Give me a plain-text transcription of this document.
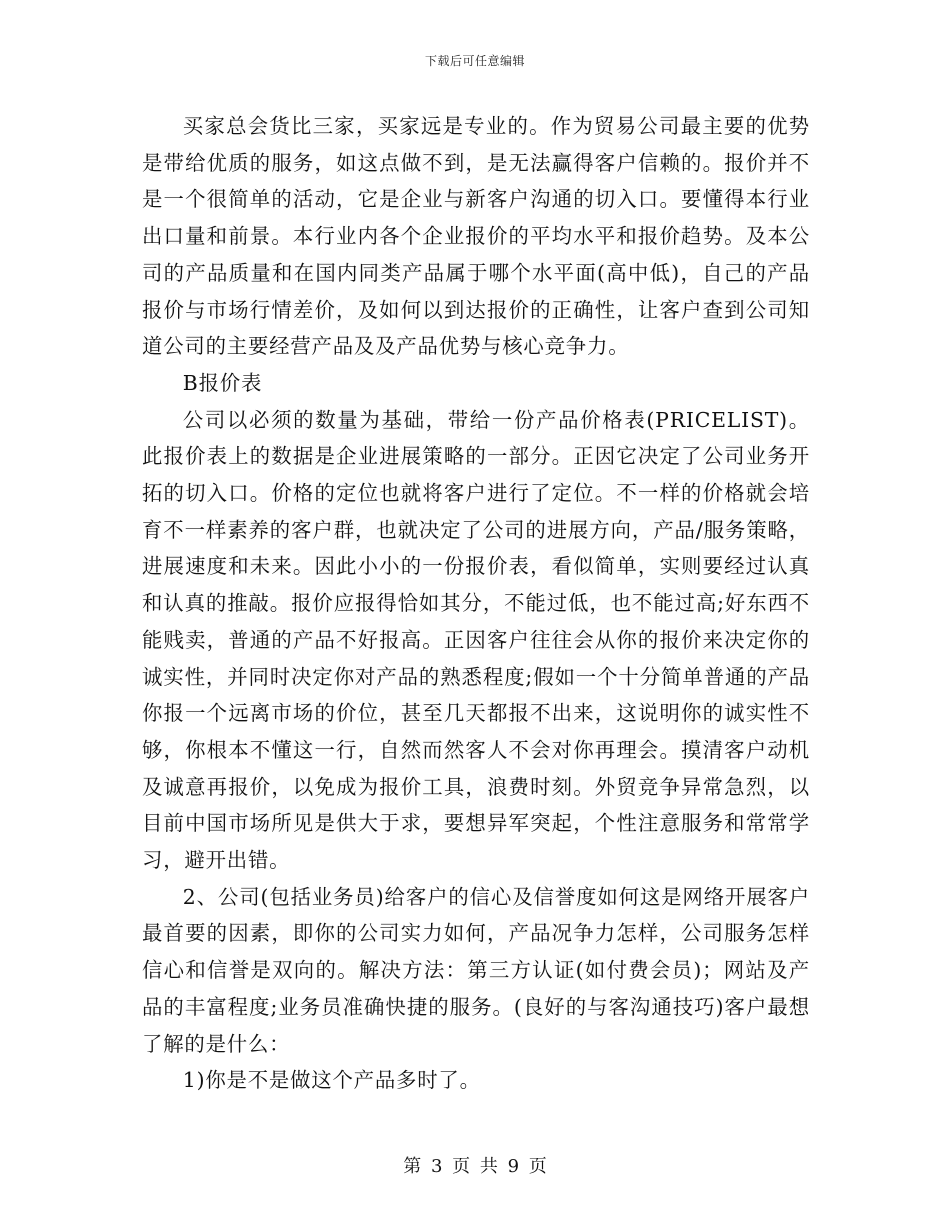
下载后可任意编辑

买家总会货比三家，买家远是专业的。作为贸易公司最主要的优势是带给优质的服务，如这点做不到，是无法赢得客户信赖的。报价并不是一个很简单的活动，它是企业与新客户沟通的切入口。要懂得本行业出口量和前景。本行业内各个企业报价的平均水平和报价趋势。及本公司的产品质量和在国内同类产品属于哪个水平面(高中低)，自己的产品报价与市场行情差价，及如何以到达报价的正确性，让客户查到公司知道公司的主要经营产品及及产品优势与核心竞争力。

B报价表

公司以必须的数量为基础，带给一份产品价格表(PRICELIST)。此报价表上的数据是企业进展策略的一部分。正因它决定了公司业务开拓的切入口。价格的定位也就将客户进行了定位。不一样的价格就会培育不一样素养的客户群，也就决定了公司的进展方向，产品/服务策略，进展速度和未来。因此小小的一份报价表，看似简单，实则要经过认真和认真的推敲。报价应报得恰如其分，不能过低，也不能过高;好东西不能贱卖，普通的产品不好报高。正因客户往往会从你的报价来决定你的诚实性，并同时决定你对产品的熟悉程度;假如一个十分简单普通的产品你报一个远离市场的价位，甚至几天都报不出来，这说明你的诚实性不够，你根本不懂这一行，自然而然客人不会对你再理会。摸清客户动机及诚意再报价，以免成为报价工具，浪费时刻。外贸竞争异常急烈，以目前中国市场所见是供大于求，要想异军突起，个性注意服务和常常学习，避开出错。

2、公司(包括业务员)给客户的信心及信誉度如何这是网络开展客户最首要的因素，即你的公司实力如何，产品况争力怎样，公司服务怎样信心和信誉是双向的。解决方法：第三方认证(如付费会员)；网站及产品的丰富程度;业务员准确快捷的服务。(良好的与客沟通技巧)客户最想了解的是什么：

1)你是不是做这个产品多时了。

第 3 页 共 9 页
